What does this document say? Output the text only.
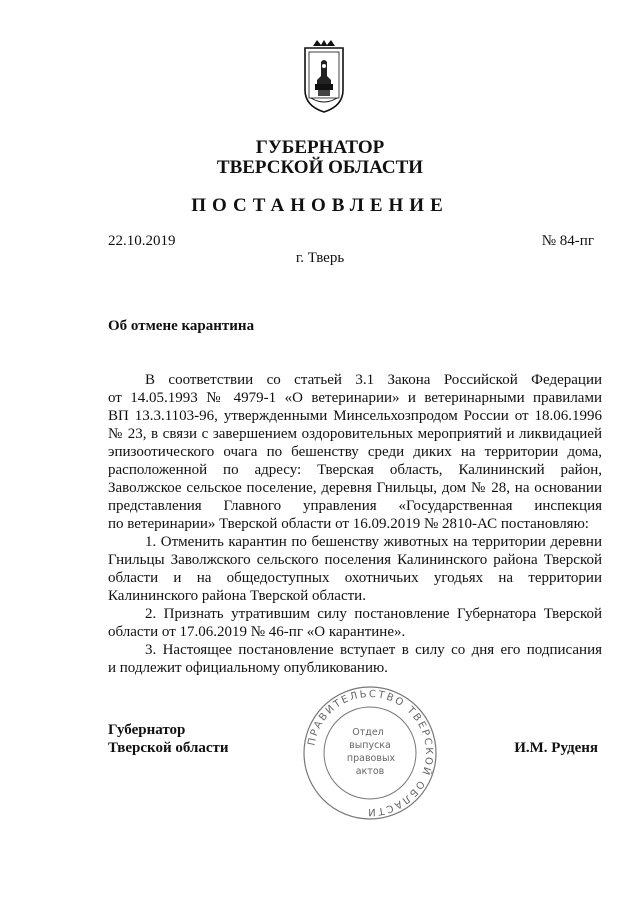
ГУБЕРНАТОР
ТВЕРСКОЙ ОБЛАСТИ
ПОСТАНОВЛЕНИЕ
22.10.2019	№ 84-пг
г. Тверь
Об отмене карантина
В соответствии со статьей 3.1 Закона Российской Федерации
от 14.05.1993 № 4979-1 «О ветеринарии» и ветеринарными правилами
ВП 13.3.1103-96, утвержденными Минсельхозпродом России от 18.06.1996
№ 23, в связи с завершением оздоровительных мероприятий и ликвидацией
эпизоотического очага по бешенству среди диких на территории дома,
расположенной по адресу: Тверская область, Калининский район,
Заволжское сельское поселение, деревня Гнильцы, дом № 28, на основании
представления Главного управления «Государственная инспекция
по ветеринарии» Тверской области от 16.09.2019 № 2810-АС постановляю:
1. Отменить карантин по бешенству животных на территории деревни
Гнильцы Заволжского сельского поселения Калининского района Тверской
области и на общедоступных охотничьих угодьях на территории
Калининского района Тверской области.
2. Признать утратившим силу постановление Губернатора Тверской
области от 17.06.2019 № 46-пг «О карантине».
3. Настоящее постановление вступает в силу со дня его подписания
и подлежит официальному опубликованию.
Губернатор
Тверской области	И.М. Руденя
ПРАВИТЕЛЬСТВО ТВЕРСКОЙ ОБЛАСТИ
Отдел
выпуска
правовых
актов
